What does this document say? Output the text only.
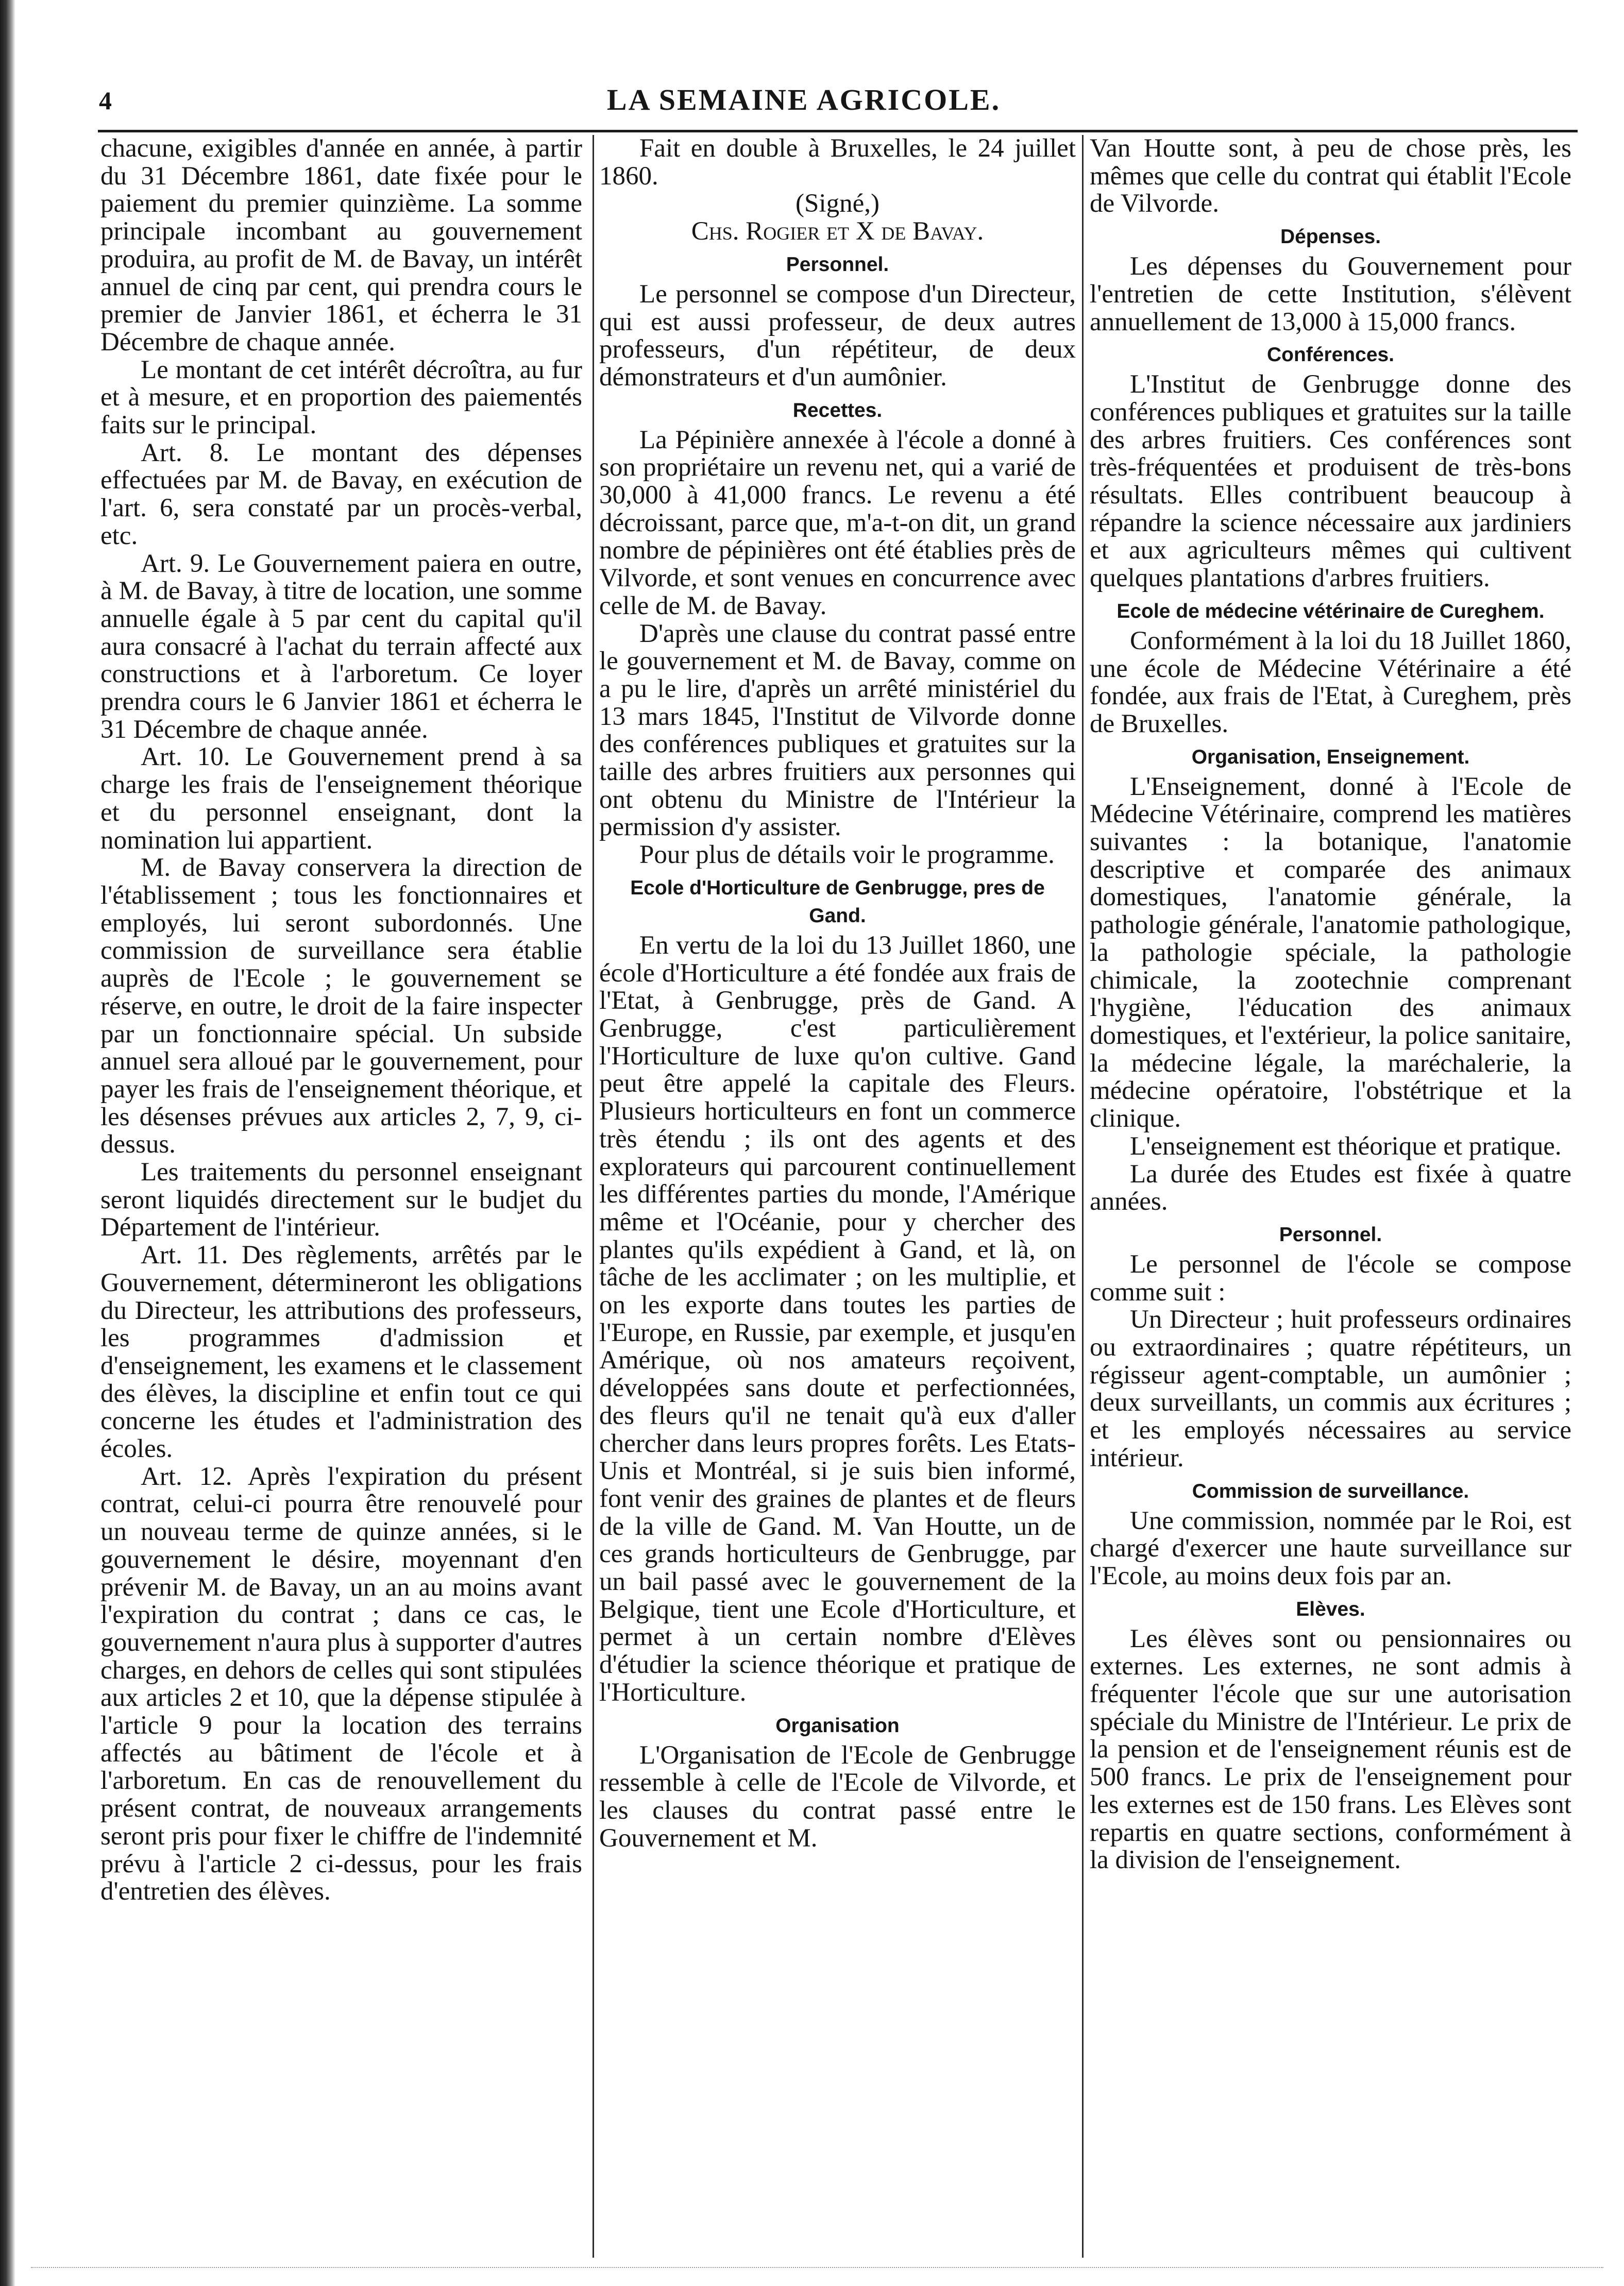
4	LA SEMAINE AGRICOLE.

chacune, exigibles d'année en année, à partir du 31 Décembre 1861, date fixée pour le paiement du premier quinzième. La somme principale incombant au gouvernement produira, au profit de M. de Bavay, un intérêt annuel de cinq par cent, qui prendra cours le premier de Janvier 1861, et écherra le 31 Décembre de chaque année.

Le montant de cet intérêt décroîtra, au fur et à mesure, et en proportion des paiementés faits sur le principal.

Art. 8. Le montant des dépenses effectuées par M. de Bavay, en exécution de l'art. 6, sera constaté par un procès-verbal, etc.

Art. 9. Le Gouvernement paiera en outre, à M. de Bavay, à titre de location, une somme annuelle égale à 5 par cent du capital qu'il aura consacré à l'achat du terrain affecté aux constructions et à l'arboretum. Ce loyer prendra cours le 6 Janvier 1861 et écherra le 31 Décembre de chaque année.

Art. 10. Le Gouvernement prend à sa charge les frais de l'enseignement théorique et du personnel enseignant, dont la nomination lui appartient.

M. de Bavay conservera la direction de l'établissement ; tous les fonctionnaires et employés, lui seront subordonnés. Une commission de surveillance sera établie auprès de l'Ecole ; le gouvernement se réserve, en outre, le droit de la faire inspecter par un fonctionnaire spécial. Un subside annuel sera alloué par le gouvernement, pour payer les frais de l'enseignement théorique, et les désenses prévues aux articles 2, 7, 9, ci-dessus.

Les traitements du personnel enseignant seront liquidés directement sur le budjet du Département de l'intérieur.

Art. 11. Des règlements, arrêtés par le Gouvernement, détermineront les obligations du Directeur, les attributions des professeurs, les programmes d'admission et d'enseignement, les examens et le classement des élèves, la discipline et enfin tout ce qui concerne les études et l'administration des écoles.

Art. 12. Après l'expiration du présent contrat, celui-ci pourra être renouvelé pour un nouveau terme de quinze années, si le gouvernement le désire, moyennant d'en prévenir M. de Bavay, un an au moins avant l'expiration du contrat ; dans ce cas, le gouvernement n'aura plus à supporter d'autres charges, en dehors de celles qui sont stipulées aux articles 2 et 10, que la dépense stipulée à l'article 9 pour la location des terrains affectés au bâtiment de l'école et à l'arboretum. En cas de renouvellement du présent contrat, de nouveaux arrangements seront pris pour fixer le chiffre de l'indemnité prévu à l'article 2 ci-dessus, pour les frais d'entretien des élèves.

Fait en double à Bruxelles, le 24 juillet 1860.

(Signé,)

Chs. Rogier et X de Bavay.

Personnel.

Le personnel se compose d'un Directeur, qui est aussi professeur, de deux autres professeurs, d'un répétiteur, de deux démonstrateurs et d'un aumônier.

Recettes.

La Pépinière annexée à l'école a donné à son propriétaire un revenu net, qui a varié de 30,000 à 41,000 francs. Le revenu a été décroissant, parce que, m'a-t-on dit, un grand nombre de pépinières ont été établies près de Vilvorde, et sont venues en concurrence avec celle de M. de Bavay.

D'après une clause du contrat passé entre le gouvernement et M. de Bavay, comme on a pu le lire, d'après un arrêté ministériel du 13 mars 1845, l'Institut de Vilvorde donne des conférences publiques et gratuites sur la taille des arbres fruitiers aux personnes qui ont obtenu du Ministre de l'Intérieur la permission d'y assister.

Pour plus de détails voir le programme.

Ecole d'Horticulture de Genbrugge, pres de Gand.

En vertu de la loi du 13 Juillet 1860, une école d'Horticulture a été fondée aux frais de l'Etat, à Genbrugge, près de Gand. A Genbrugge, c'est particulièrement l'Horticulture de luxe qu'on cultive. Gand peut être appelé la capitale des Fleurs. Plusieurs horticulteurs en font un commerce très étendu ; ils ont des agents et des explorateurs qui parcourent continuellement les différentes parties du monde, l'Amérique même et l'Océanie, pour y chercher des plantes qu'ils expédient à Gand, et là, on tâche de les acclimater ; on les multiplie, et on les exporte dans toutes les parties de l'Europe, en Russie, par exemple, et jusqu'en Amérique, où nos amateurs reçoivent, développées sans doute et perfectionnées, des fleurs qu'il ne tenait qu'à eux d'aller chercher dans leurs propres forêts. Les Etats-Unis et Montréal, si je suis bien informé, font venir des graines de plantes et de fleurs de la ville de Gand. M. Van Houtte, un de ces grands horticulteurs de Genbrugge, par un bail passé avec le gouvernement de la Belgique, tient une Ecole d'Horticulture, et permet à un certain nombre d'Elèves d'étudier la science théorique et pratique de l'Horticulture.

Organisation

L'Organisation de l'Ecole de Genbrugge ressemble à celle de l'Ecole de Vilvorde, et les clauses du contrat passé entre le Gouvernement et M.

Van Houtte sont, à peu de chose près, les mêmes que celle du contrat qui établit l'Ecole de Vilvorde.

Dépenses.

Les dépenses du Gouvernement pour l'entretien de cette Institution, s'élèvent annuellement de 13,000 à 15,000 francs.

Conférences.

L'Institut de Genbrugge donne des conférences publiques et gratuites sur la taille des arbres fruitiers. Ces conférences sont très-fréquentées et produisent de très-bons résultats. Elles contribuent beaucoup à répandre la science nécessaire aux jardiniers et aux agriculteurs mêmes qui cultivent quelques plantations d'arbres fruitiers.

Ecole de médecine vétérinaire de Cureghem.

Conformément à la loi du 18 Juillet 1860, une école de Médecine Vétérinaire a été fondée, aux frais de l'Etat, à Cureghem, près de Bruxelles.

Organisation, Enseignement.

L'Enseignement, donné à l'Ecole de Médecine Vétérinaire, comprend les matières suivantes : la botanique, l'anatomie descriptive et comparée des animaux domestiques, l'anatomie générale, la pathologie générale, l'anatomie pathologique, la pathologie spéciale, la pathologie chimicale, la zootechnie comprenant l'hygiène, l'éducation des animaux domestiques, et l'extérieur, la police sanitaire, la médecine légale, la maréchalerie, la médecine opératoire, l'obstétrique et la clinique.

L'enseignement est théorique et pratique.

La durée des Etudes est fixée à quatre années.

Personnel.

Le personnel de l'école se compose comme suit :

Un Directeur ; huit professeurs ordinaires ou extraordinaires ; quatre répétiteurs, un régisseur agent-comptable, un aumônier ; deux surveillants, un commis aux écritures ; et les employés nécessaires au service intérieur.

Commission de surveillance.

Une commission, nommée par le Roi, est chargé d'exercer une haute surveillance sur l'Ecole, au moins deux fois par an.

Elèves.

Les élèves sont ou pensionnaires ou externes. Les externes, ne sont admis à fréquenter l'école que sur une autorisation spéciale du Ministre de l'Intérieur. Le prix de la pension et de l'enseignement réunis est de 500 francs. Le prix de l'enseignement pour les externes est de 150 frans. Les Elèves sont repartis en quatre sections, conformément à la division de l'enseignement.
